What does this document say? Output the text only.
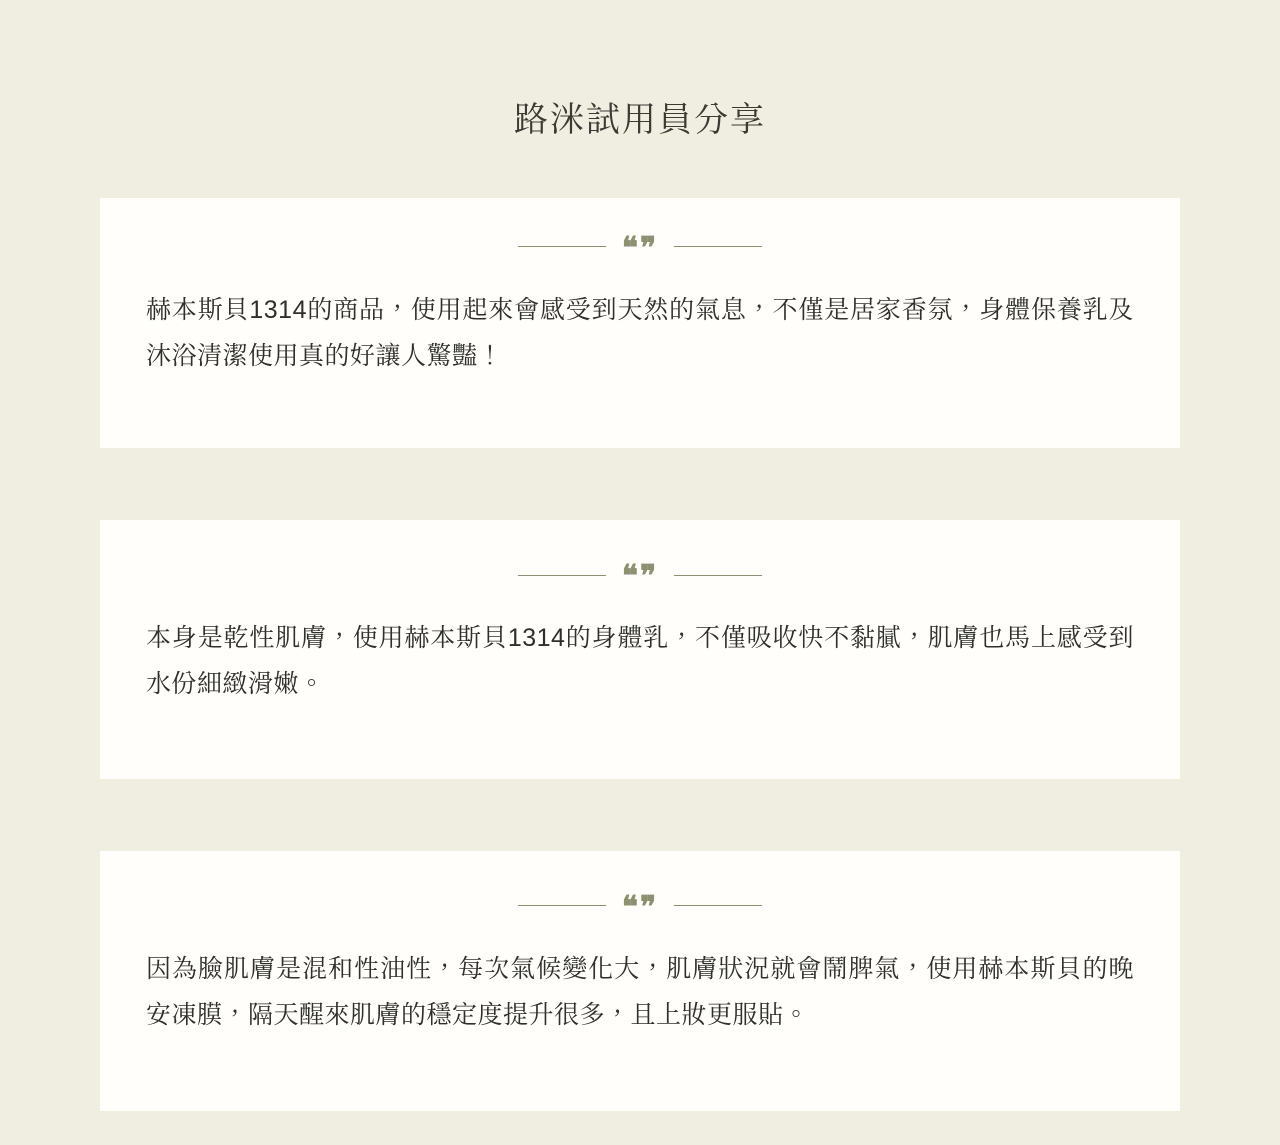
路洣試用員分享
❝❞

赫本斯貝1314的商品，使用起來會感受到天然的氣息，不僅是居家香氛，身體保養乳及沐浴清潔使用真的好讓人驚豔！

❝❞

本身是乾性肌膚，使用赫本斯貝1314的身體乳，不僅吸收快不黏膩，肌膚也馬上感受到水份細緻滑嫩。

❝❞

因為臉肌膚是混和性油性，每次氣候變化大，肌膚狀況就會鬧脾氣，使用赫本斯貝的晚安凍膜，隔天醒來肌膚的穩定度提升很多，且上妝更服貼。
